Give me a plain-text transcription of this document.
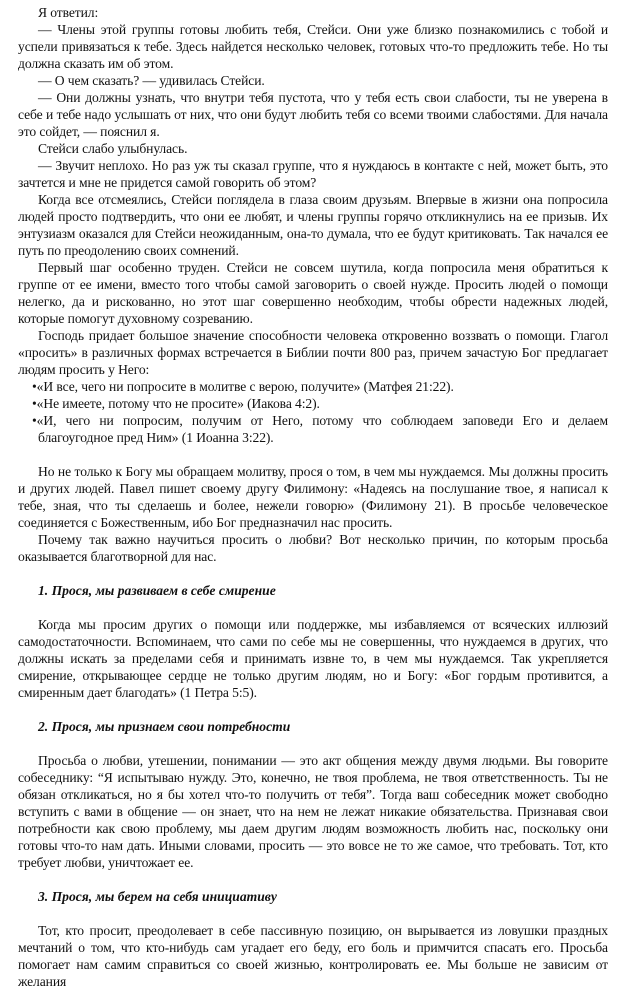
Я ответил:

— Члены этой группы готовы любить тебя, Стейси. Они уже близко познакомились с тобой и успели привязаться к тебе. Здесь найдется несколько человек, готовых что-то предложить тебе. Но ты должна сказать им об этом.

— О чем сказать? — удивилась Стейси.

— Они должны узнать, что внутри тебя пустота, что у тебя есть свои слабости, ты не уверена в себе и тебе надо услышать от них, что они будут любить тебя со всеми твоими слабостями. Для начала это сойдет, — пояснил я.

Стейси слабо улыбнулась.

— Звучит неплохо. Но раз уж ты сказал группе, что я нуждаюсь в контакте с ней, может быть, это зачтется и мне не придется самой говорить об этом?

Когда все отсмеялись, Стейси поглядела в глаза своим друзьям. Впервые в жизни она попросила людей просто подтвердить, что они ее любят, и члены группы горячо откликнулись на ее призыв. Их энтузиазм оказался для Стейси неожиданным, она-то думала, что ее будут критиковать. Так начался ее путь по преодолению своих сомнений.

Первый шаг особенно труден. Стейси не совсем шутила, когда попросила меня обратиться к группе от ее имени, вместо того чтобы самой заговорить о своей нужде. Просить людей о помощи нелегко, да и рискованно, но этот шаг совершенно необходим, чтобы обрести надежных людей, которые помогут духовному созреванию.

Господь придает большое значение способности человека откровенно воззвать о помощи. Глагол «просить» в различных формах встречается в Библии почти 800 раз, причем зачастую Бог предлагает людям просить у Него:

•«И все, чего ни попросите в молитве с верою, получите» (Матфея 21:22).

•«Не имеете, потому что не просите» (Иакова 4:2).

•«И, чего ни попросим, получим от Него, потому что соблюдаем заповеди Его и делаем благоугодное пред Ним» (1 Иоанна 3:22).

Но не только к Богу мы обращаем молитву, прося о том, в чем мы нуждаемся. Мы должны просить и других людей. Павел пишет своему другу Филимону: «Надеясь на послушание твое, я написал к тебе, зная, что ты сделаешь и более, нежели говорю» (Филимону 21). В просьбе человеческое соединяется с Божественным, ибо Бог предназначил нас просить.

Почему так важно научиться просить о любви? Вот несколько причин, по которым просьба оказывается благотворной для нас.

1. Прося, мы развиваем в себе смирение

Когда мы просим других о помощи или поддержке, мы избавляемся от всяческих иллюзий самодостаточности. Вспоминаем, что сами по себе мы не совершенны, что нуждаемся в других, что должны искать за пределами себя и принимать извне то, в чем мы нуждаемся. Так укрепляется смирение, открывающее сердце не только другим людям, но и Богу: «Бог гордым противится, а смиренным дает благодать» (1 Петра 5:5).

2. Прося, мы признаем свои потребности

Просьба о любви, утешении, понимании — это акт общения между двумя людьми. Вы говорите собеседнику: “Я испытываю нужду. Это, конечно, не твоя проблема, не твоя ответственность. Ты не обязан откликаться, но я бы хотел что-то получить от тебя”. Тогда ваш собеседник может свободно вступить с вами в общение — он знает, что на нем не лежат никакие обязательства. Признавая свои потребности как свою проблему, мы даем другим людям возможность любить нас, поскольку они готовы что-то нам дать. Иными словами, просить — это вовсе не то же самое, что требовать. Тот, кто требует любви, уничтожает ее.

3. Прося, мы берем на себя инициативу

Тот, кто просит, преодолевает в себе пассивную позицию, он вырывается из ловушки праздных мечтаний о том, что кто-нибудь сам угадает его беду, его боль и примчится спасать его. Просьба помогает нам самим справиться со своей жизнью, контролировать ее. Мы больше не зависим от желания
